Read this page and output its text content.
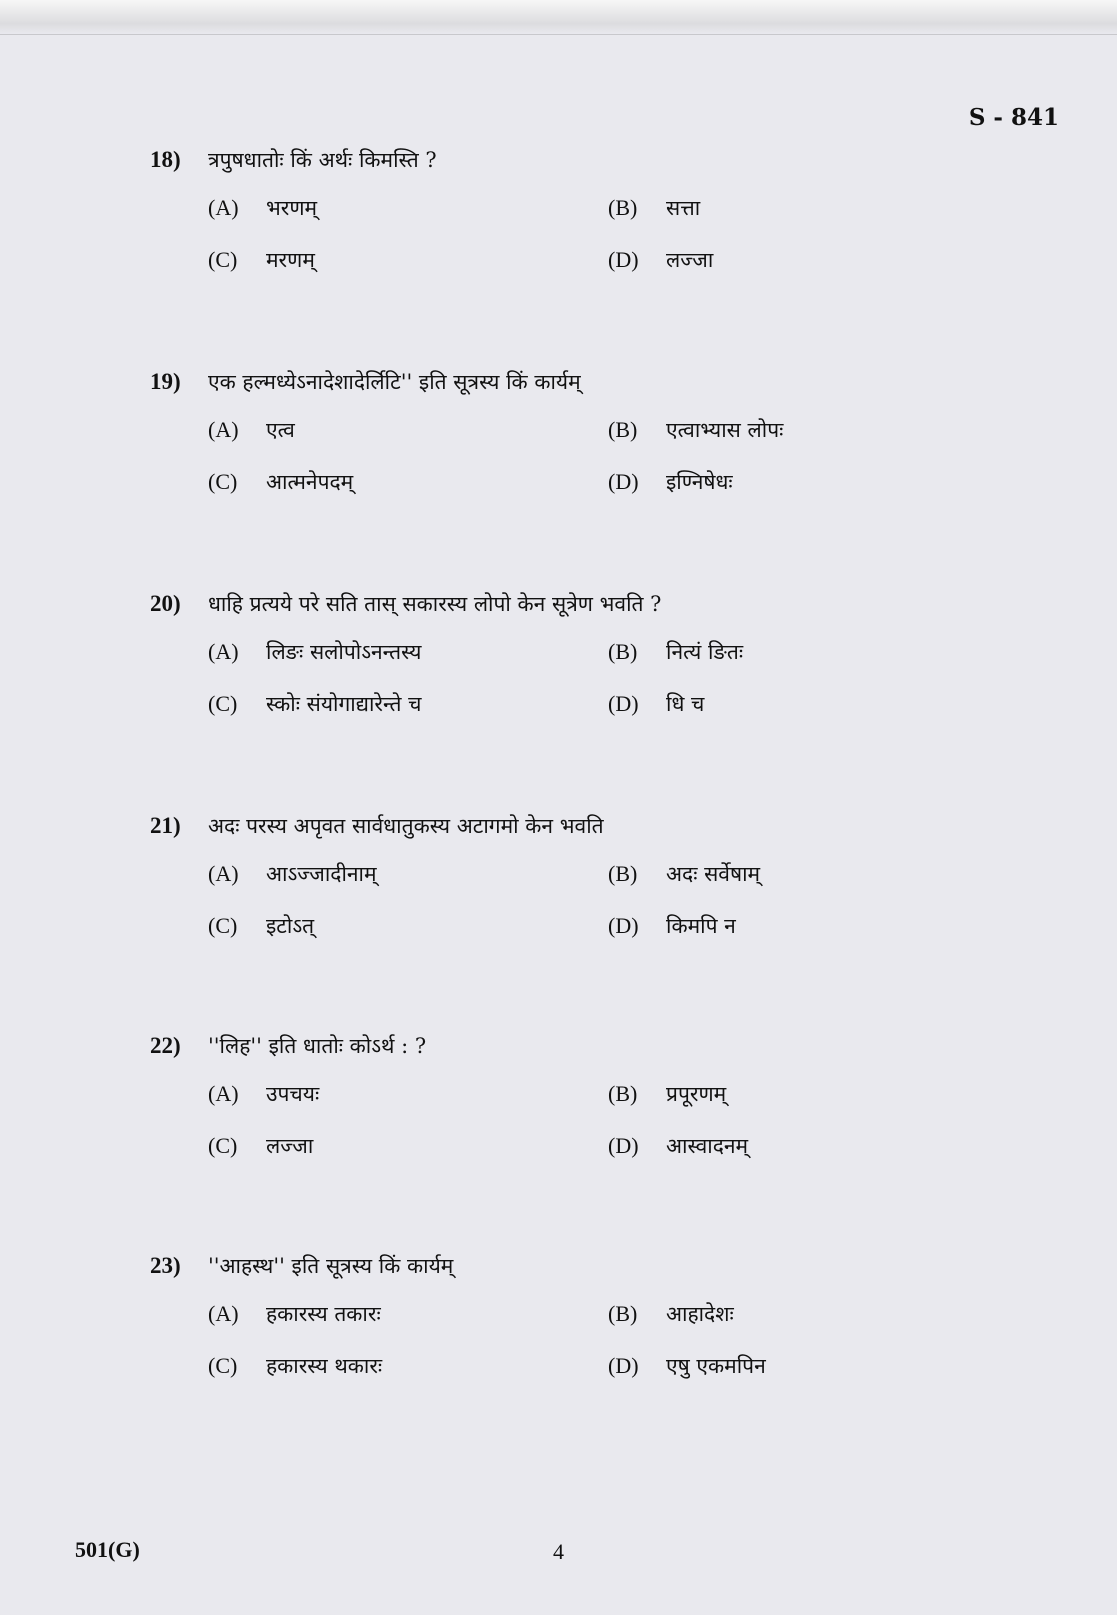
S - 841
18)	त्रपुषधातोः किं अर्थः किमस्ति ?
(A)	भरणम्	(B)	सत्ता
(C)	मरणम्	(D)	लज्जा
19)	एक हल्मध्येऽनादेशादेर्लिटि'' इति सूत्रस्य किं कार्यम्
(A)	एत्व	(B)	एत्वाभ्यास लोपः
(C)	आत्मनेपदम्	(D)	इण्निषेधः
20)	धाहि प्रत्यये परे सति तास् सकारस्य लोपो केन सूत्रेण भवति ?
(A)	लिङः सलोपोऽनन्तस्य	(B)	नित्यं ङितः
(C)	स्कोः संयोगाद्यारेन्ते च	(D)	धि च
21)	अदः परस्य अपृवत सार्वधातुकस्य अटागमो केन भवति
(A)	आऽज्जादीनाम्	(B)	अदः सर्वेषाम्
(C)	इटोऽत्	(D)	किमपि न
22)	''लिह'' इति धातोः कोऽर्थ : ?
(A)	उपचयः	(B)	प्रपूरणम्
(C)	लज्जा	(D)	आस्वादनम्
23)	''आहस्थ'' इति सूत्रस्य किं कार्यम्
(A)	हकारस्य तकारः	(B)	आहादेशः
(C)	हकारस्य थकारः	(D)	एषु एकमपिन
501(G)	4
